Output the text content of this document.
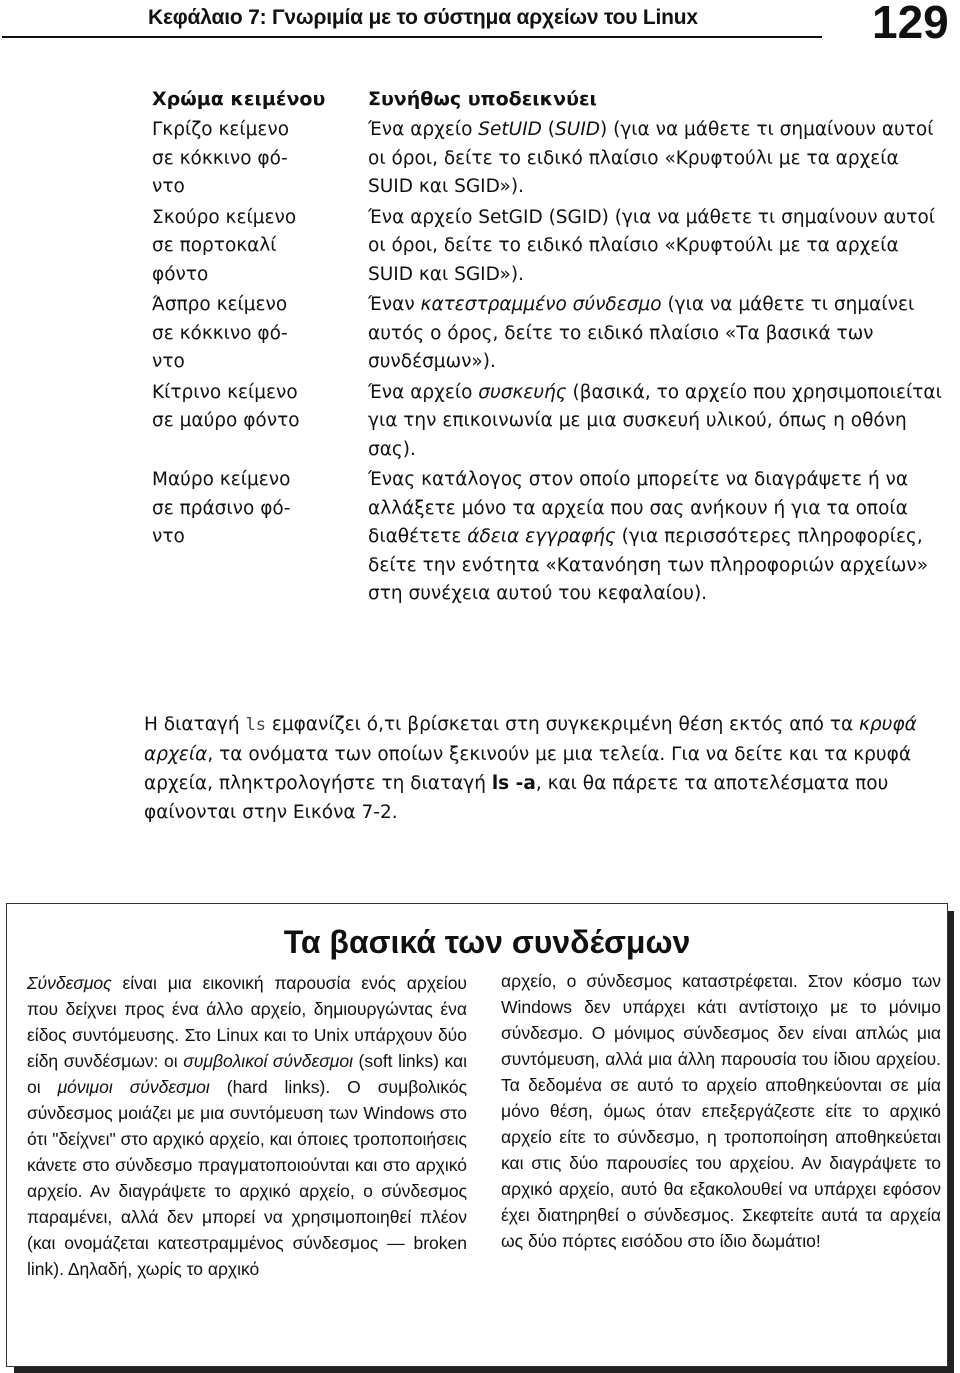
Κεφάλαιο 7: Γνωριμία με το σύστημα αρχείων του Linux	129
Χρώμα κειμένου Συνήθως υποδεικνύει
Γκρίζο κείμενο
σε κόκκινο φό-
ντο
Ένα αρχείο SetUID (SUID) (για να μάθετε τι σημαίνουν αυτοί οι όροι, δείτε το ειδικό πλαίσιο «Κρυφτούλι με τα αρχεία SUID και SGID»).
Σκούρο κείμενο
σε πορτοκαλί
φόντο
Ένα αρχείο SetGID (SGID) (για να μάθετε τι σημαίνουν αυτοί οι όροι, δείτε το ειδικό πλαίσιο «Κρυφτούλι με τα αρχεία SUID και SGID»).
Άσπρο κείμενο
σε κόκκινο φό-
ντο
Έναν κατεστραμμένο σύνδεσμο (για να μάθετε τι σημαίνει αυτός ο όρος, δείτε το ειδικό πλαίσιο «Τα βασικά των συνδέσμων»).
Κίτρινο κείμενο
σε μαύρο φόντο
Ένα αρχείο συσκευής (βασικά, το αρχείο που χρησιμοποιείται για την επικοινωνία με μια συσκευή υλικού, όπως η οθόνη σας).
Μαύρο κείμενο
σε πράσινο φό-
ντο
Ένας κατάλογος στον οποίο μπορείτε να διαγράψετε ή να αλλάξετε μόνο τα αρχεία που σας ανήκουν ή για τα οποία διαθέτετε άδεια εγγραφής (για περισσότερες πληροφορίες, δείτε την ενότητα «Κατανόηση των πληροφοριών αρχείων» στη συνέχεια αυτού του κεφαλαίου).
Η διαταγή ls εμφανίζει ό,τι βρίσκεται στη συγκεκριμένη θέση εκτός από τα κρυφά αρχεία, τα ονόματα των οποίων ξεκινούν με μια τελεία. Για να δείτε και τα κρυφά αρχεία, πληκτρολογήστε τη διαταγή ls -a, και θα πάρετε τα αποτελέσματα που φαίνονται στην Εικόνα 7-2.
Τα βασικά των συνδέσμων
Σύνδεσμος είναι μια εικονική παρουσία ενός αρχείου που δείχνει προς ένα άλλο αρχείο, δημιουργώντας ένα είδος συντόμευσης. Στο Linux και το Unix υπάρχουν δύο είδη συνδέσμων: οι συμβολικοί σύνδεσμοι (soft links) και οι μόνιμοι σύνδεσμοι (hard links). Ο συμβολικός σύνδεσμος μοιάζει με μια συντόμευση των Windows στο ότι "δείχνει" στο αρχικό αρχείο, και όποιες τροποποιήσεις κάνετε στο σύνδεσμο πραγματοποιούνται και στο αρχικό αρχείο. Αν διαγράψετε το αρχικό αρχείο, ο σύνδεσμος παραμένει, αλλά δεν μπορεί να χρησιμοποιηθεί πλέον (και ονομάζεται κατεστραμμένος σύνδεσμος — broken link). Δηλαδή, χωρίς το αρχικό
αρχείο, ο σύνδεσμος καταστρέφεται. Στον κόσμο των Windows δεν υπάρχει κάτι αντίστοιχο με το μόνιμο σύνδεσμο. Ο μόνιμος σύνδεσμος δεν είναι απλώς μια συντόμευση, αλλά μια άλλη παρουσία του ίδιου αρχείου. Τα δεδομένα σε αυτό το αρχείο αποθηκεύονται σε μία μόνο θέση, όμως όταν επεξεργάζεστε είτε το αρχικό αρχείο είτε το σύνδεσμο, η τροποποίηση αποθηκεύεται και στις δύο παρουσίες του αρχείου. Αν διαγράψετε το αρχικό αρχείο, αυτό θα εξακολουθεί να υπάρχει εφόσον έχει διατηρηθεί ο σύνδεσμος. Σκεφτείτε αυτά τα αρχεία ως δύο πόρτες εισόδου στο ίδιο δωμάτιο!
